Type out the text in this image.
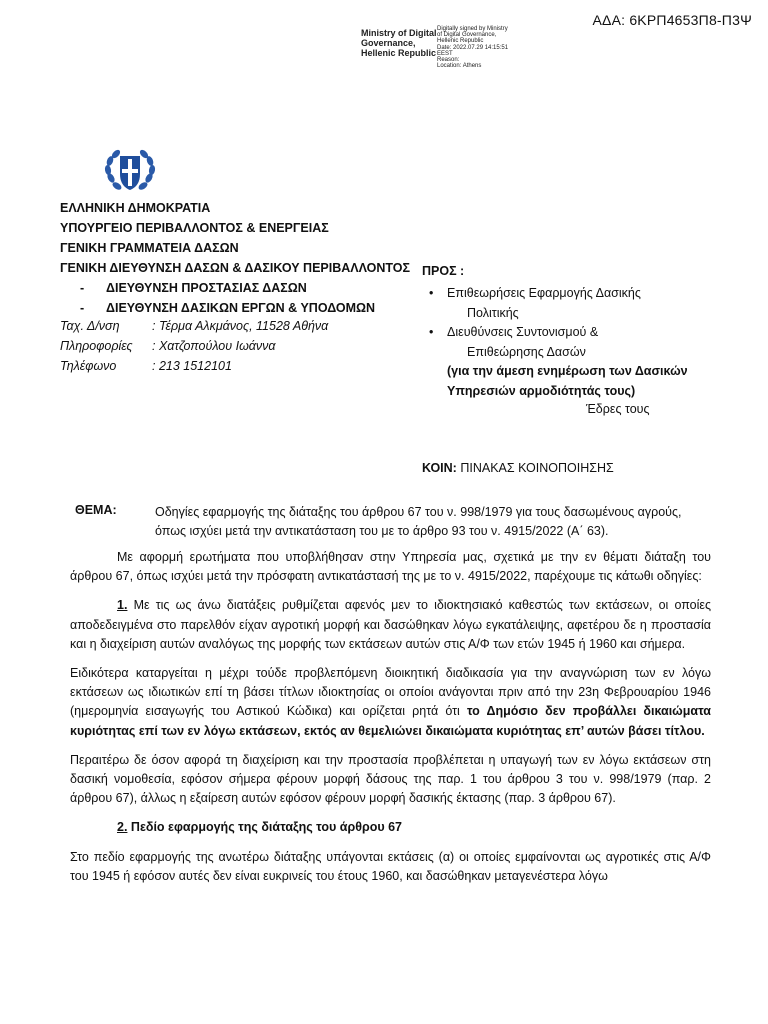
ΑΔΑ: 6ΚΡΠ4653Π8-Π3Ψ
Ministry of Digital
Governance,
Hellenic Republic
Digitally signed by Ministry
of Digital Governance,
Hellenic Republic
Date: 2022.07.29 14:15:51
EEST
Reason:
Location: Athens
ΕΛΛΗΝΙΚΗ ΔΗΜΟΚΡΑΤΙΑ
ΥΠΟΥΡΓΕΙΟ ΠΕΡΙΒΑΛΛΟΝΤΟΣ & ΕΝΕΡΓΕΙΑΣ
ΓΕΝΙΚΗ ΓΡΑΜΜΑΤΕΙΑ ΔΑΣΩΝ
ΓΕΝΙΚΗ ΔΙΕΥΘΥΝΣΗ ΔΑΣΩΝ & ΔΑΣΙΚΟΥ ΠΕΡΙΒΑΛΛΟΝΤΟΣ
- ΔΙΕΥΘΥΝΣΗ ΠΡΟΣΤΑΣΙΑΣ ΔΑΣΩΝ
- ΔΙΕΥΘΥΝΣΗ ΔΑΣΙΚΩΝ ΕΡΓΩΝ & ΥΠΟΔΟΜΩΝ
Ταχ. Δ/νση	: Τέρμα Αλκμάνος, 11528 Αθήνα
Πληροφορίες	: Χατζοπούλου Ιωάννα
Τηλέφωνο	: 213 1512101
ΠΡΟΣ :
• Επιθεωρήσεις Εφαρμογής Δασικής
Πολιτικής
• Διευθύνσεις Συντονισμού &
Επιθεώρησης Δασών
(για την άμεση ενημέρωση των Δασικών
Υπηρεσιών αρμοδιότητάς τους)
Έδρες τους
ΚΟΙΝ: ΠΙΝΑΚΑΣ ΚΟΙΝΟΠΟΙΗΣΗΣ
ΘΕΜΑ:	Οδηγίες εφαρμογής της διάταξης του άρθρου 67 του ν. 998/1979 για τους δασωμένους αγρούς, όπως ισχύει μετά την αντικατάσταση του με το άρθρο 93 του ν. 4915/2022 (Α΄ 63).

Με αφορμή ερωτήματα που υποβλήθησαν στην Υπηρεσία μας, σχετικά με την εν θέματι διάταξη του άρθρου 67, όπως ισχύει μετά την πρόσφατη αντικατάστασή της με το ν. 4915/2022, παρέχουμε τις κάτωθι οδηγίες:

1. Με τις ως άνω διατάξεις ρυθμίζεται αφενός μεν το ιδιοκτησιακό καθεστώς των εκτάσεων, οι οποίες αποδεδειγμένα στο παρελθόν είχαν αγροτική μορφή και δασώθηκαν λόγω εγκατάλειψης, αφετέρου δε η προστασία και η διαχείριση αυτών αναλόγως της μορφής των εκτάσεων αυτών στις Α/Φ των ετών 1945 ή 1960 και σήμερα.

Ειδικότερα καταργείται η μέχρι τούδε προβλεπόμενη διοικητική διαδικασία για την αναγνώριση των εν λόγω εκτάσεων ως ιδιωτικών επί τη βάσει τίτλων ιδιοκτησίας οι οποίοι ανάγονται πριν από την 23η Φεβρουαρίου 1946 (ημερομηνία εισαγωγής του Αστικού Κώδικα) και ορίζεται ρητά ότι το Δημόσιο δεν προβάλλει δικαιώματα κυριότητας επί των εν λόγω εκτάσεων, εκτός αν θεμελιώνει δικαιώματα κυριότητας επ’ αυτών βάσει τίτλου.

Περαιτέρω δε όσον αφορά τη διαχείριση και την προστασία προβλέπεται η υπαγωγή των εν λόγω εκτάσεων στη δασική νομοθεσία, εφόσον σήμερα φέρουν μορφή δάσους της παρ. 1 του άρθρου 3 του ν. 998/1979 (παρ. 2 άρθρου 67), άλλως η εξαίρεση αυτών εφόσον φέρουν μορφή δασικής έκτασης (παρ. 3 άρθρου 67).

2. Πεδίο εφαρμογής της διάταξης του άρθρου 67

Στο πεδίο εφαρμογής της ανωτέρω διάταξης υπάγονται εκτάσεις (α) οι οποίες εμφαίνονται ως αγροτικές στις Α/Φ του 1945 ή εφόσον αυτές δεν είναι ευκρινείς του έτους 1960, και δασώθηκαν μεταγενέστερα λόγω
